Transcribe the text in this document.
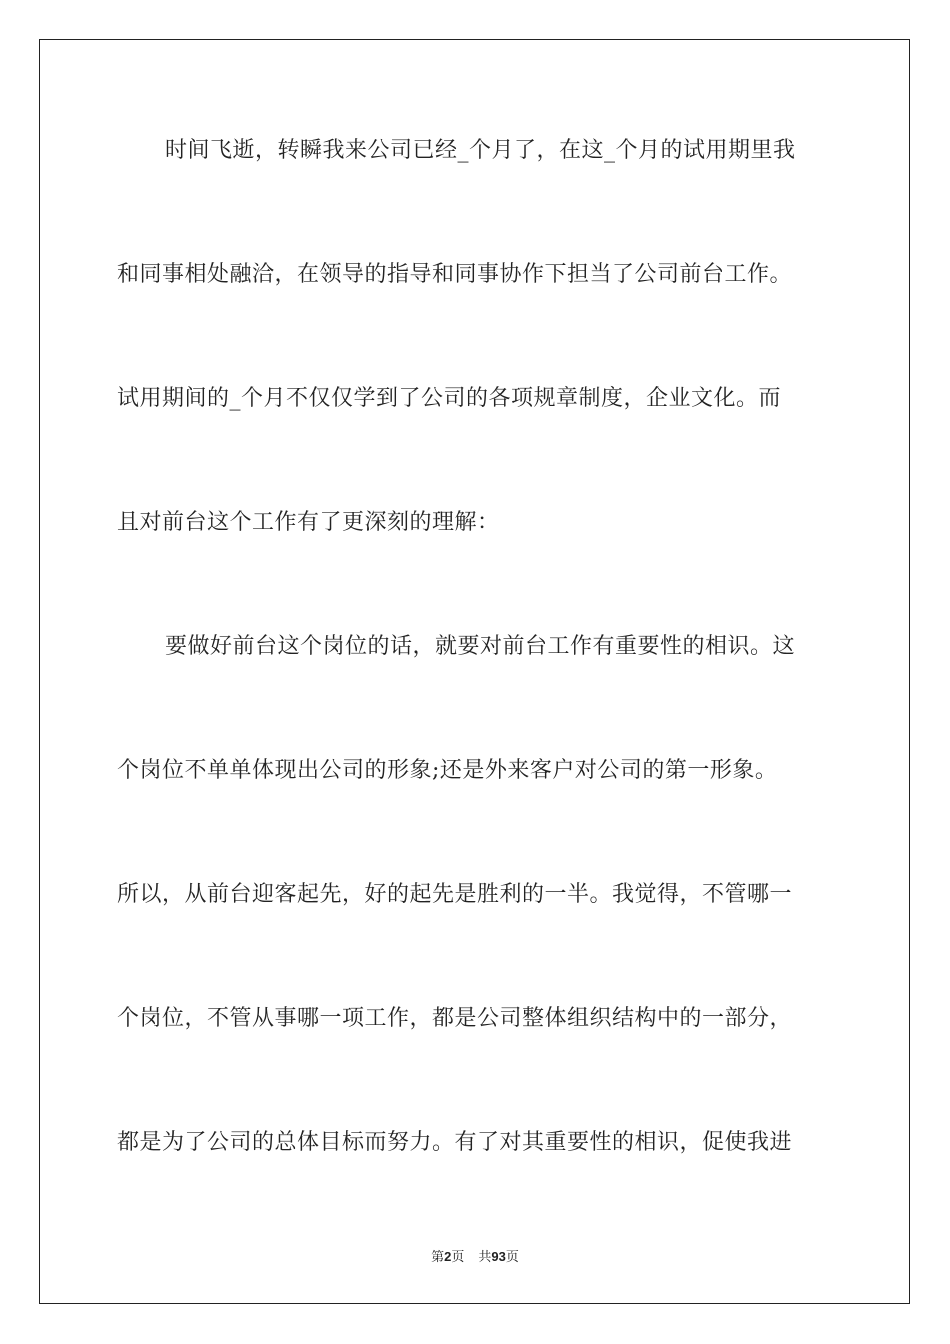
时间飞逝，转瞬我来公司已经_个月了，在这_个月的试用期里我
和同事相处融洽，在领导的指导和同事协作下担当了公司前台工作。
试用期间的_个月不仅仅学到了公司的各项规章制度，企业文化。而
且对前台这个工作有了更深刻的理解：
要做好前台这个岗位的话，就要对前台工作有重要性的相识。这
个岗位不单单体现出公司的形象;还是外来客户对公司的第一形象。
所以，从前台迎客起先，好的起先是胜利的一半。我觉得，不管哪一
个岗位，不管从事哪一项工作，都是公司整体组织结构中的一部分，
都是为了公司的总体目标而努力。有了对其重要性的相识，促使我进
第2页 共93页
